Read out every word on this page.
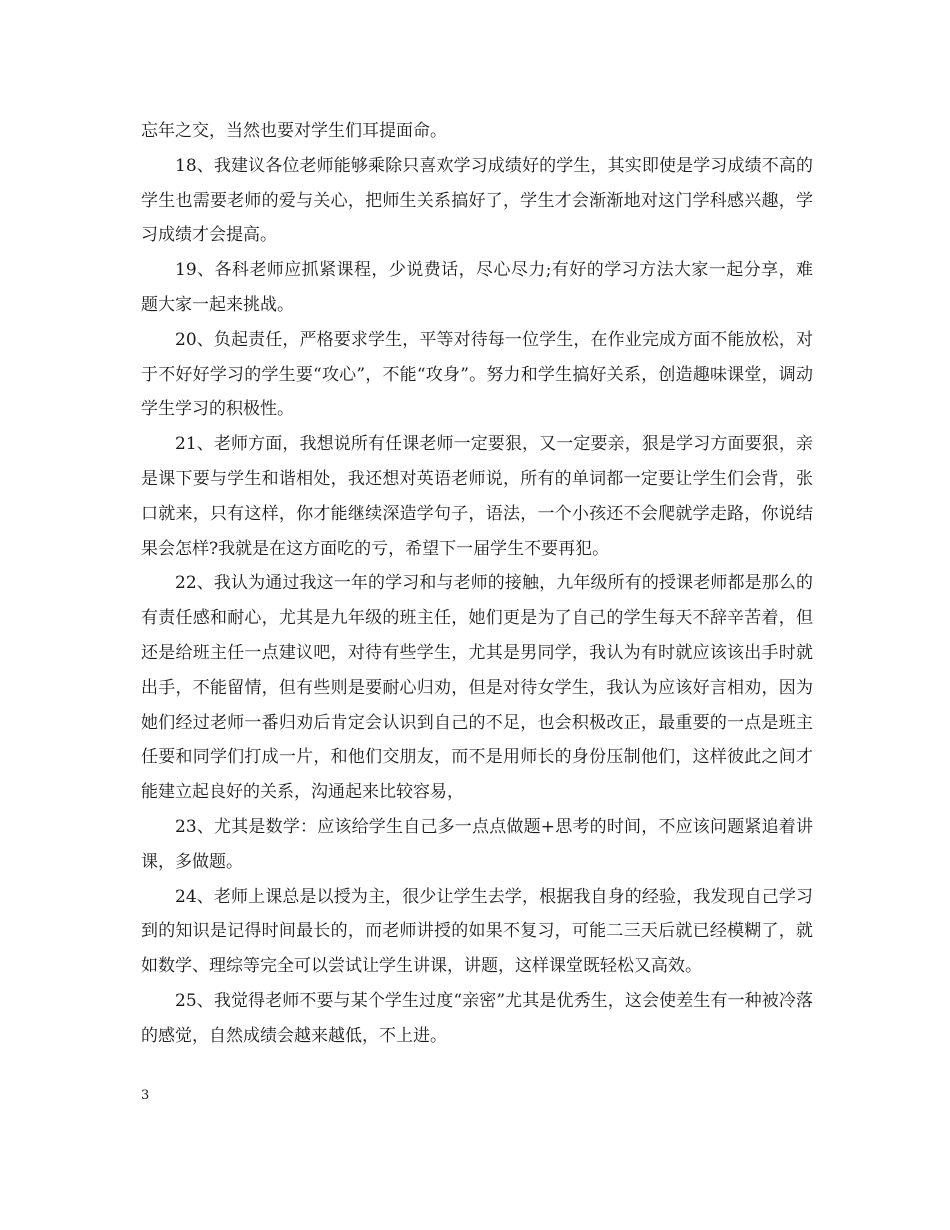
忘年之交，当然也要对学生们耳提面命。

18、我建议各位老师能够乘除只喜欢学习成绩好的学生，其实即使是学习成绩不高的学生也需要老师的爱与关心，把师生关系搞好了，学生才会渐渐地对这门学科感兴趣，学习成绩才会提高。

19、各科老师应抓紧课程，少说费话，尽心尽力;有好的学习方法大家一起分享，难题大家一起来挑战。

20、负起责任，严格要求学生，平等对待每一位学生，在作业完成方面不能放松，对于不好好学习的学生要“攻心”，不能“攻身”。努力和学生搞好关系，创造趣味课堂，调动学生学习的积极性。

21、老师方面，我想说所有任课老师一定要狠，又一定要亲，狠是学习方面要狠，亲是课下要与学生和谐相处，我还想对英语老师说，所有的单词都一定要让学生们会背，张口就来，只有这样，你才能继续深造学句子，语法，一个小孩还不会爬就学走路，你说结果会怎样?我就是在这方面吃的亏，希望下一届学生不要再犯。

22、我认为通过我这一年的学习和与老师的接触，九年级所有的授课老师都是那么的有责任感和耐心，尤其是九年级的班主任，她们更是为了自己的学生每天不辞辛苦着，但还是给班主任一点建议吧，对待有些学生，尤其是男同学，我认为有时就应该该出手时就出手，不能留情，但有些则是要耐心归劝，但是对待女学生，我认为应该好言相劝，因为她们经过老师一番归劝后肯定会认识到自己的不足，也会积极改正，最重要的一点是班主任要和同学们打成一片，和他们交朋友，而不是用师长的身份压制他们，这样彼此之间才能建立起良好的关系，沟通起来比较容易，

23、尤其是数学：应该给学生自己多一点点做题+思考的时间，不应该问题紧追着讲课，多做题。

24、老师上课总是以授为主，很少让学生去学，根据我自身的经验，我发现自己学习到的知识是记得时间最长的，而老师讲授的如果不复习，可能二三天后就已经模糊了，就如数学、理综等完全可以尝试让学生讲课，讲题，这样课堂既轻松又高效。

25、我觉得老师不要与某个学生过度“亲密”尤其是优秀生，这会使差生有一种被冷落的感觉，自然成绩会越来越低，不上进。

3
